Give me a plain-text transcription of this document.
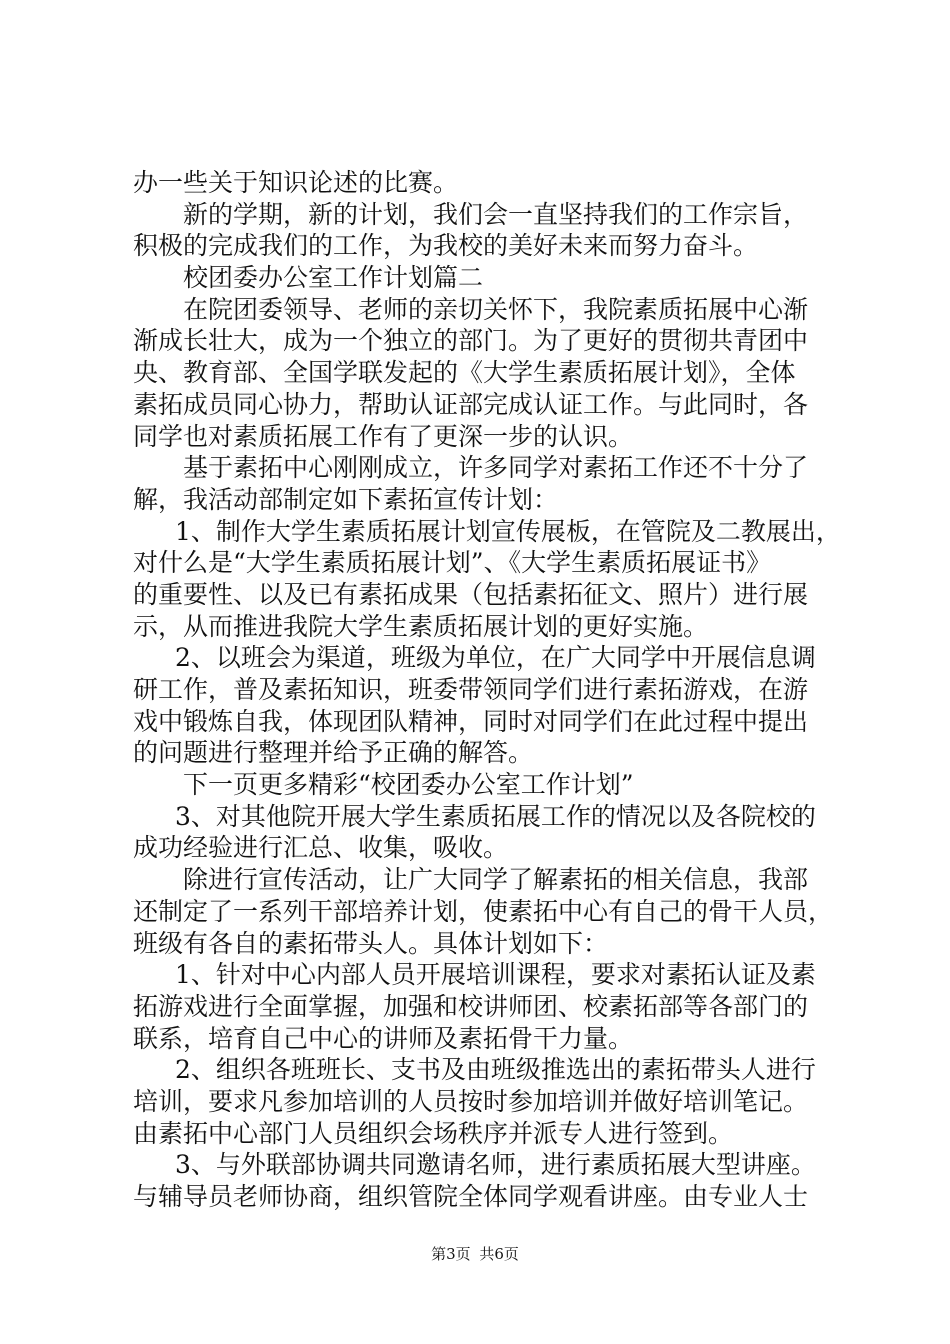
办一些关于知识论述的比赛。
新的学期，新的计划，我们会一直坚持我们的工作宗旨，
积极的完成我们的工作，为我校的美好未来而努力奋斗。
校团委办公室工作计划篇二
在院团委领导、老师的亲切关怀下，我院素质拓展中心渐
渐成长壮大，成为一个独立的部门。为了更好的贯彻共青团中
央、教育部、全国学联发起的《大学生素质拓展计划》，全体
素拓成员同心协力，帮助认证部完成认证工作。与此同时，各
同学也对素质拓展工作有了更深一步的认识。
基于素拓中心刚刚成立，许多同学对素拓工作还不十分了
解，我活动部制定如下素拓宣传计划：
1、制作大学生素质拓展计划宣传展板，在管院及二教展出，
对什么是“大学生素质拓展计划”、《大学生素质拓展证书》
的重要性、以及已有素拓成果（包括素拓征文、照片）进行展
示，从而推进我院大学生素质拓展计划的更好实施。
2、以班会为渠道，班级为单位，在广大同学中开展信息调
研工作，普及素拓知识，班委带领同学们进行素拓游戏，在游
戏中锻炼自我，体现团队精神，同时对同学们在此过程中提出
的问题进行整理并给予正确的解答。
下一页更多精彩“校团委办公室工作计划”
3、对其他院开展大学生素质拓展工作的情况以及各院校的
成功经验进行汇总、收集，吸收。
除进行宣传活动，让广大同学了解素拓的相关信息，我部
还制定了一系列干部培养计划，使素拓中心有自己的骨干人员，
班级有各自的素拓带头人。具体计划如下：
1、针对中心内部人员开展培训课程，要求对素拓认证及素
拓游戏进行全面掌握，加强和校讲师团、校素拓部等各部门的
联系，培育自己中心的讲师及素拓骨干力量。
2、组织各班班长、支书及由班级推选出的素拓带头人进行
培训，要求凡参加培训的人员按时参加培训并做好培训笔记。
由素拓中心部门人员组织会场秩序并派专人进行签到。
3、与外联部协调共同邀请名师，进行素质拓展大型讲座。
与辅导员老师协商，组织管院全体同学观看讲座。由专业人士
第3页 共6页
